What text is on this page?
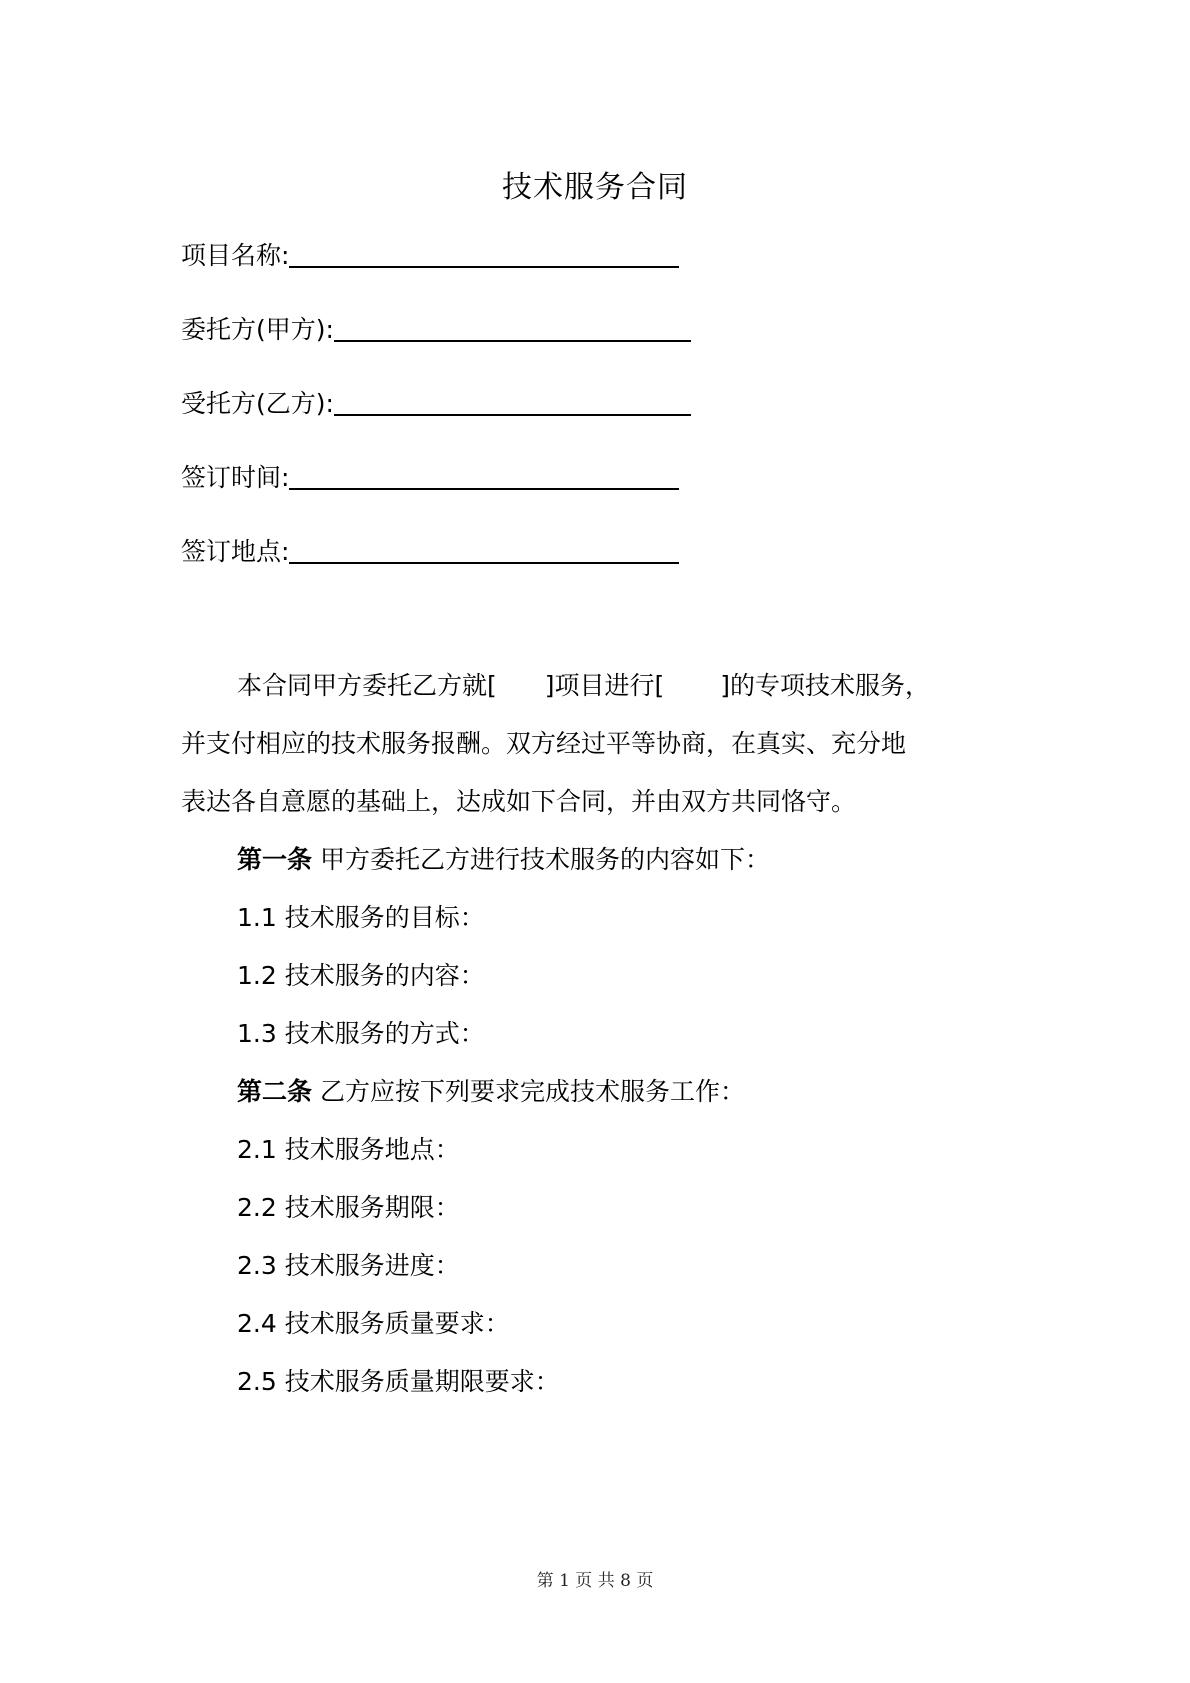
技术服务合同
项目名称:
委托方(甲方):
受托方(乙方):
签订时间:
签订地点:
本合同甲方委托乙方就[ ]项目进行[ ]的专项技术服务，
并支付相应的技术服务报酬。双方经过平等协商，在真实、充分地
表达各自意愿的基础上，达成如下合同，并由双方共同恪守。
第一条 甲方委托乙方进行技术服务的内容如下：
1.1 技术服务的目标：
1.2 技术服务的内容：
1.3 技术服务的方式：
第二条 乙方应按下列要求完成技术服务工作：
2.1 技术服务地点：
2.2 技术服务期限：
2.3 技术服务进度：
2.4 技术服务质量要求：
2.5 技术服务质量期限要求：
第 1 页 共 8 页
